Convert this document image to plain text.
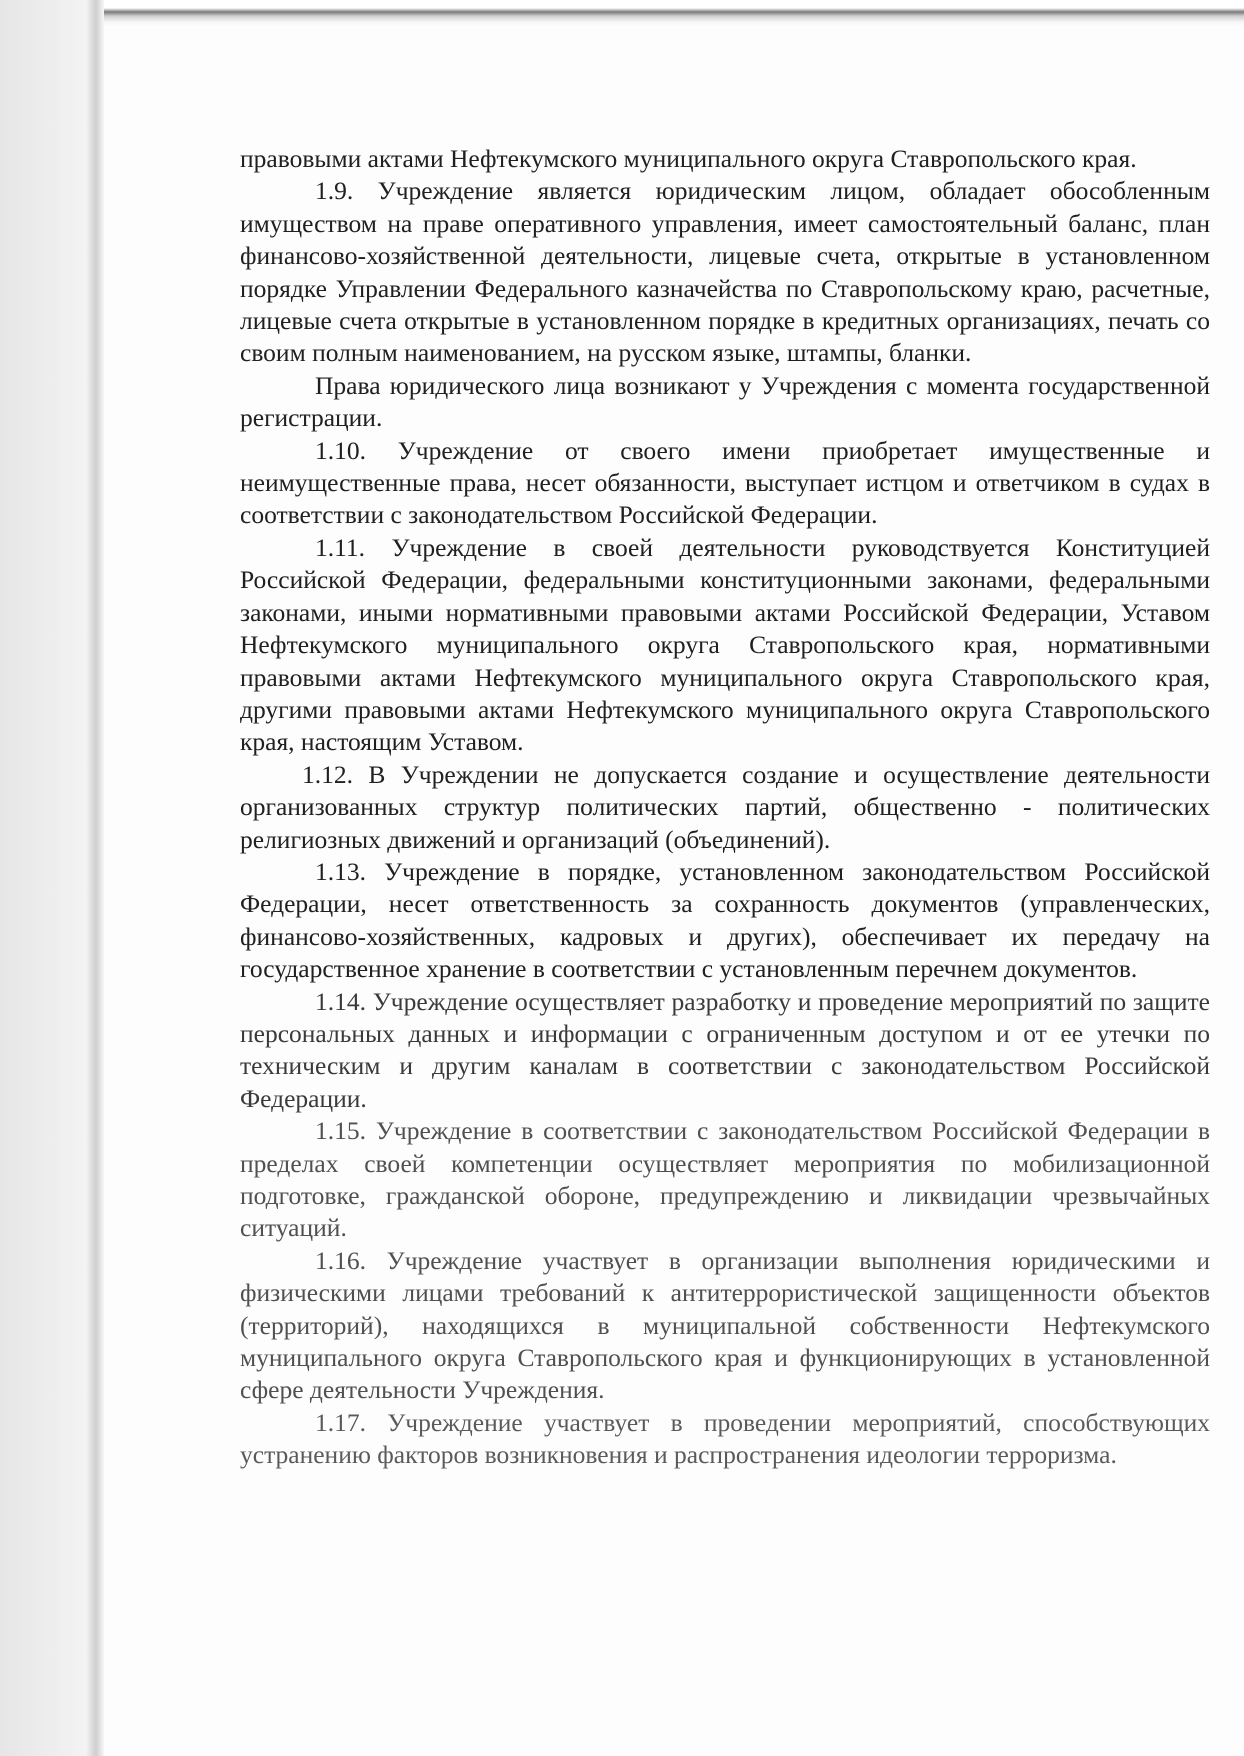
правовыми актами Нефтекумского муниципального округа Ставропольского края.

1.9. Учреждение является юридическим лицом, обладает обособленным имуществом на праве оперативного управления, имеет самостоятельный баланс, план финансово-хозяйственной деятельности, лицевые счета, открытые в установленном порядке Управлении Федерального казначейства по Ставропольскому краю, расчетные, лицевые счета открытые в установленном порядке в кредитных организациях, печать со своим полным наименованием, на русском языке, штампы, бланки.

Права юридического лица возникают у Учреждения с момента государственной регистрации.

1.10. Учреждение от своего имени приобретает имущественные и неимущественные права, несет обязанности, выступает истцом и ответчиком в судах в соответствии с законодательством Российской Федерации.

1.11. Учреждение в своей деятельности руководствуется Конституцией Российской Федерации, федеральными конституционными законами, федеральными законами, иными нормативными правовыми актами Российской Федерации, Уставом Нефтекумского муниципального округа Ставропольского края, нормативными правовыми актами Нефтекумского муниципального округа Ставропольского края, другими правовыми актами Нефтекумского муниципального округа Ставропольского края, настоящим Уставом.

1.12. В Учреждении не допускается создание и осуществление деятельности организованных структур политических партий, общественно - политических религиозных движений и организаций (объединений).

1.13. Учреждение в порядке, установленном законодательством Российской Федерации, несет ответственность за сохранность документов (управленческих, финансово-хозяйственных, кадровых и других), обеспечивает их передачу на государственное хранение в соответствии с установленным перечнем документов.

1.14. Учреждение осуществляет разработку и проведение мероприятий по защите персональных данных и информации с ограниченным доступом и от ее утечки по техническим и другим каналам в соответствии с законодательством Российской Федерации.

1.15. Учреждение в соответствии с законодательством Российской Федерации в пределах своей компетенции осуществляет мероприятия по мобилизационной подготовке, гражданской обороне, предупреждению и ликвидации чрезвычайных ситуаций.

1.16. Учреждение участвует в организации выполнения юридическими и физическими лицами требований к антитеррористической защищенности объектов (территорий), находящихся в муниципальной собственности Нефтекумского муниципального округа Ставропольского края и функционирующих в установленной сфере деятельности Учреждения.

1.17. Учреждение участвует в проведении мероприятий, способствующих устранению факторов возникновения и распространения идеологии терроризма.
